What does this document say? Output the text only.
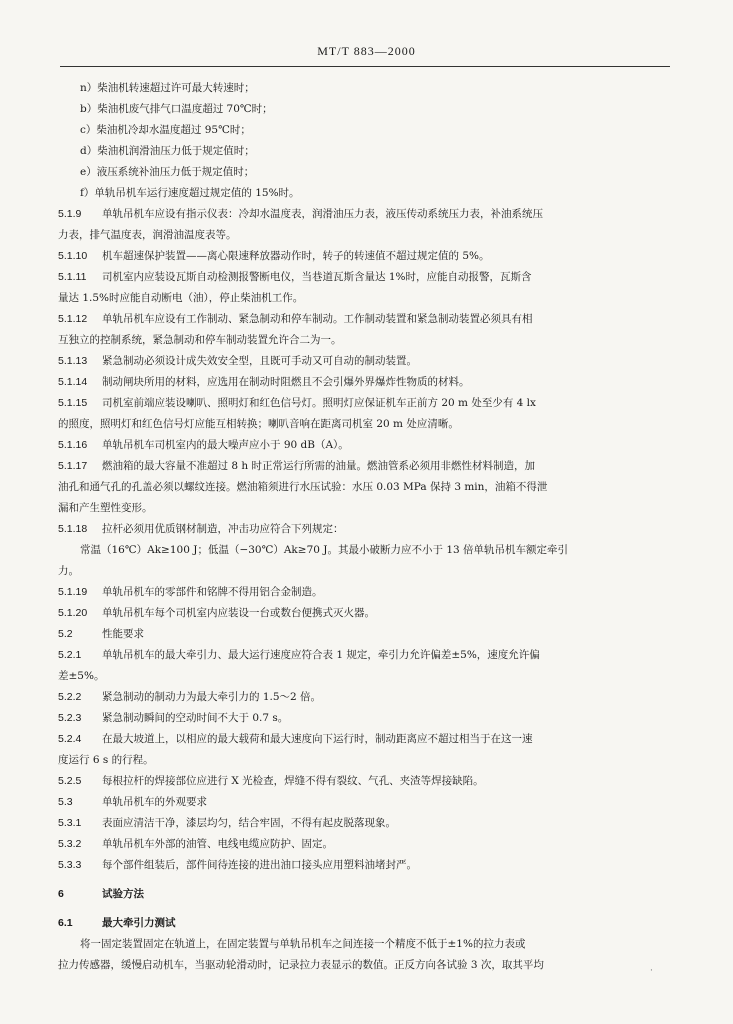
MT/T 883—2000
n）柴油机转速超过许可最大转速时；
b）柴油机废气排气口温度超过 70℃时；
c）柴油机冷却水温度超过 95℃时；
d）柴油机润滑油压力低于规定值时；
e）液压系统补油压力低于规定值时；
f）单轨吊机车运行速度超过规定值的 15%时。
5.1.9 单轨吊机车应设有指示仪表：冷却水温度表，润滑油压力表，液压传动系统压力表，补油系统压
力表，排气温度表，润滑油温度表等。
5.1.10 机车超速保护装置——离心限速释放器动作时，转子的转速值不超过规定值的 5%。
5.1.11 司机室内应装设瓦斯自动检测报警断电仪，当巷道瓦斯含量达 1%时，应能自动报警，瓦斯含
量达 1.5%时应能自动断电（油），停止柴油机工作。
5.1.12 单轨吊机车应设有工作制动、紧急制动和停车制动。工作制动装置和紧急制动装置必须具有相
互独立的控制系统，紧急制动和停车制动装置允许合二为一。
5.1.13 紧急制动必须设计成失效安全型，且既可手动又可自动的制动装置。
5.1.14 制动闸块所用的材料，应选用在制动时阻燃且不会引爆外界爆炸性物质的材料。
5.1.15 司机室前端应装设喇叭、照明灯和红色信号灯。照明灯应保证机车正前方 20 m 处至少有 4 lx
的照度，照明灯和红色信号灯应能互相转换；喇叭音响在距离司机室 20 m 处应清晰。
5.1.16 单轨吊机车司机室内的最大噪声应小于 90 dB（A）。
5.1.17 燃油箱的最大容量不准超过 8 h 时正常运行所需的油量。燃油管系必须用非燃性材料制造，加
油孔和通气孔的孔盖必须以螺纹连接。燃油箱须进行水压试验：水压 0.03 MPa 保持 3 min，油箱不得泄
漏和产生塑性变形。
5.1.18 拉杆必须用优质钢材制造，冲击功应符合下列规定：
常温（16℃）Ak≥100 J；低温（−30℃）Ak≥70 J。其最小破断力应不小于 13 倍单轨吊机车额定牵引
力。
5.1.19 单轨吊机车的零部件和铭牌不得用铝合金制造。
5.1.20 单轨吊机车每个司机室内应装设一台或数台便携式灭火器。
5.2	性能要求
5.2.1 单轨吊机车的最大牵引力、最大运行速度应符合表 1 规定，牵引力允许偏差±5%，速度允许偏
差±5%。
5.2.2 紧急制动的制动力为最大牵引力的 1.5～2 倍。
5.2.3 紧急制动瞬间的空动时间不大于 0.7 s。
5.2.4 在最大坡道上，以相应的最大载荷和最大速度向下运行时，制动距离应不超过相当于在这一速
度运行 6 s 的行程。
5.2.5 每根拉杆的焊接部位应进行 X 光检查，焊缝不得有裂纹、气孔、夹渣等焊接缺陷。
5.3	单轨吊机车的外观要求
5.3.1 表面应清洁干净，漆层均匀，结合牢固，不得有起皮脱落现象。
5.3.2 单轨吊机车外部的油管、电线电缆应防护、固定。
5.3.3 每个部件组装后，部件间待连接的进出油口接头应用塑料油堵封严。
6	试验方法
6.1	最大牵引力测试
将一固定装置固定在轨道上，在固定装置与单轨吊机车之间连接一个精度不低于±1%的拉力表或
拉力传感器，缓慢启动机车，当驱动轮滑动时，记录拉力表显示的数值。正反方向各试验 3 次，取其平均	·
